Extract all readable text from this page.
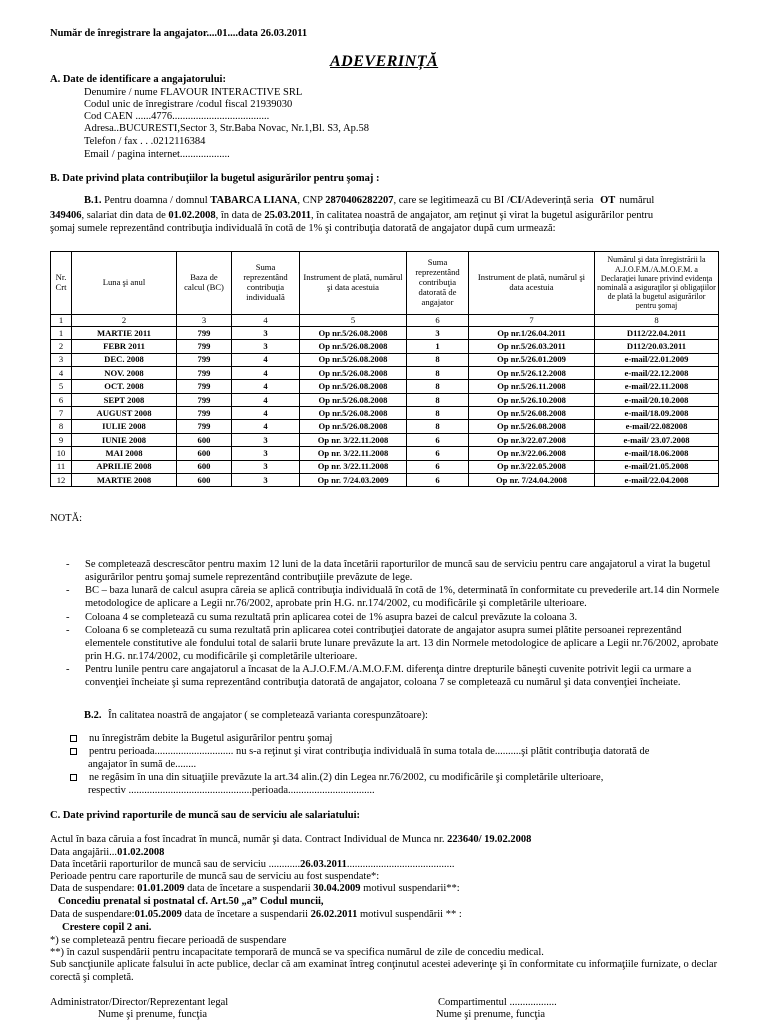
Număr de înregistrare la angajator....01....data 26.03.2011
ADEVERINȚĂ
A. Date de identificare a angajatorului:
Denumire / nume FLAVOUR INTERACTIVE SRL
Codul unic de înregistrare /codul fiscal 21939030
Cod CAEN ......4776.....................................
Adresa..BUCURESTI,Sector 3, Str.Baba Novac, Nr.1,Bl. S3, Ap.58
Telefon / fax . . .0212116384
Email / pagina internet...................
B. Date privind plata contribuţiilor la bugetul asigurărilor pentru şomaj :
B.1. Pentru doamna / domnul TABARCA LIANA, CNP 2870406282207, care se legitimează cu BI /CI/Adeverință seria OT numărul
349406, salariat din data de 01.02.2008, în data de 25.03.2011, în calitatea noastră de angajator, am reţinut şi virat la bugetul asigurărilor pentru
şomaj sumele reprezentând contribuţia individuală în cotă de 1% şi contribuţia datorată de angajator după cum urmează:
Nr. Crt	Luna şi anul	Baza de calcul (BC)	Suma reprezentând contribuţia individuală	Instrument de plată, numărul şi data acestuia	Suma reprezentând contribuţia datorată de angajator	Instrument de plată, numărul şi data acestuia	Numărul şi data înregistrării la A.J.O.F.M./A.M.O.F.M. a Declaraţiei lunare privind evidenţa nominală a asiguraţilor şi obligaţiilor de plată la bugetul asigurărilor pentru şomaj
1	2	3	4	5	6	7	8
1	MARTIE 2011	799	3	Op nr.5/26.08.2008	3	Op nr.1/26.04.2011	D112/22.04.2011
2	FEBR 2011	799	3	Op nr.5/26.08.2008	1	Op nr.5/26.03.2011	D112/20.03.2011
3	DEC. 2008	799	4	Op nr.5/26.08.2008	8	Op nr.5/26.01.2009	e-mail/22.01.2009
4	NOV. 2008	799	4	Op nr.5/26.08.2008	8	Op nr.5/26.12.2008	e-mail/22.12.2008
5	OCT. 2008	799	4	Op nr.5/26.08.2008	8	Op nr.5/26.11.2008	e-mail/22.11.2008
6	SEPT 2008	799	4	Op nr.5/26.08.2008	8	Op nr.5/26.10.2008	e-mail/20.10.2008
7	AUGUST 2008	799	4	Op nr.5/26.08.2008	8	Op nr.5/26.08.2008	e-mail/18.09.2008
8	IULIE 2008	799	4	Op nr.5/26.08.2008	8	Op nr.5/26.08.2008	e-mail/22.082008
9	IUNIE 2008	600	3	Op nr. 3/22.11.2008	6	Op nr.3/22.07.2008	e-mail/ 23.07.2008
10	MAI 2008	600	3	Op nr. 3/22.11.2008	6	Op nr.3/22.06.2008	e-mail/18.06.2008
11	APRILIE 2008	600	3	Op nr. 3/22.11.2008	6	Op nr.3/22.05.2008	e-mail/21.05.2008
12	MARTIE 2008	600	3	Op nr. 7/24.03.2009	6	Op nr. 7/24.04.2008	e-mail/22.04.2008
NOTĂ:

- Se completează descrescător pentru maxim 12 luni de la data încetării raporturilor de muncă sau de serviciu pentru care angajatorul a virat la bugetul asigurărilor pentru şomaj sumele reprezentând contribuţiile prevăzute de lege.

- BC – baza lunară de calcul asupra căreia se aplică contribuţia individuală în cotă de 1%, determinată în conformitate cu prevederile art.14 din Normele metodologice de aplicare a Legii nr.76/2002, aprobate prin H.G. nr.174/2002, cu modificările şi completările ulterioare.

- Coloana 4 se completează cu suma rezultată prin aplicarea cotei de 1% asupra bazei de calcul prevăzute la coloana 3.

- Coloana 6 se completează cu suma rezultată prin aplicarea cotei contribuţiei datorate de angajator asupra sumei plătite persoanei reprezentând elementele constitutive ale fondului total de salarii brute lunare prevăzute la art. 13 din Normele metodologice de aplicare a Legii nr.76/2002, aprobate prin H.G. nr.174/2002, cu modificările şi completările ulterioare.

- Pentru lunile pentru care angajatorul a încasat de la A.J.O.F.M./A.M.O.F.M. diferenţa dintre drepturile băneşti cuvenite potrivit legii ca urmare a convenţiei încheiate şi suma reprezentând contribuţia datorată de angajator, coloana 7 se completează cu numărul şi data convenţiei încheiate.

B.2. În calitatea noastră de angajator ( se completează varianta corespunzătoare):
nu înregistrăm debite la Bugetul asigurărilor pentru şomaj
pentru perioada.............................. nu s-a reţinut şi virat contribuţia individuală în suma totala de..........şi plătit contribuţia datorată de
angajator în sumă de........
ne regăsim în una din situaţiile prevăzute la art.34 alin.(2) din Legea nr.76/2002, cu modificările şi completările ulterioare,
respectiv ...............................................perioada.................................
C. Date privind raporturile de muncă sau de serviciu ale salariatului:
Actul în baza căruia a fost încadrat în muncă, număr şi data. Contract Individual de Munca nr. 223640/ 19.02.2008
Data angajării...01.02.2008
Data încetării raporturilor de muncă sau de serviciu ............26.03.2011.........................................
Perioade pentru care raporturile de muncă sau de serviciu au fost suspendate*:
Data de suspendare: 01.01.2009 data de încetare a suspendarii 30.04.2009 motivul suspendarii**:
Concediu prenatal si postnatal cf. Art.50 „a” Codul muncii,
Data de suspendare:01.05.2009 data de încetare a suspendarii 26.02.2011 motivul suspendării ** :
Crestere copil 2 ani.
*) se completează pentru fiecare perioadă de suspendare
**) în cazul suspendării pentru incapacitate temporară de muncă se va specifica numărul de zile de concediu medical.
Sub sancţiunile aplicate falsului în acte publice, declar că am examinat întreg conţinutul acestei adeverinţe şi în conformitate cu informaţiile furnizate, o declar corectă şi completă.
Administrator/Director/Reprezentant legal
Nume şi prenume, funcţia
Compartimentul ..................
Nume şi prenume, funcţia
